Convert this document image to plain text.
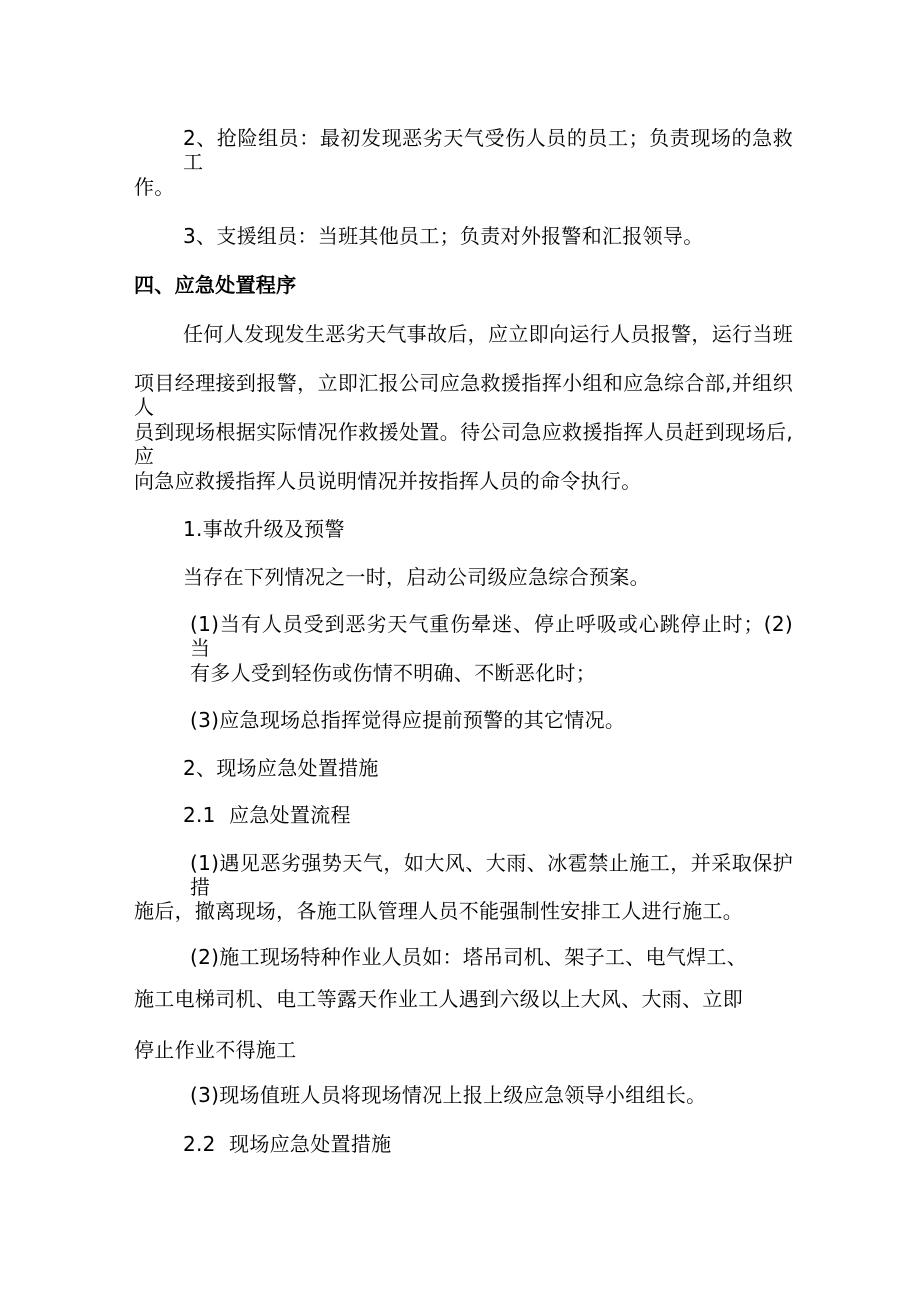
2、抢险组员：最初发现恶劣天气受伤人员的员工；负责现场的急救工
作。
3、支援组员：当班其他员工；负责对外报警和汇报领导。
四、应急处置程序
任何人发现发生恶劣天气事故后，应立即向运行人员报警，运行当班
项目经理接到报警，立即汇报公司应急救援指挥小组和应急综合部,并组织人
员到现场根据实际情况作救援处置。待公司急应救援指挥人员赶到现场后,应
向急应救援指挥人员说明情况并按指挥人员的命令执行。
1.事故升级及预警
当存在下列情况之一时，启动公司级应急综合预案。
(1)当有人员受到恶劣天气重伤晕迷、停止呼吸或心跳停止时；(2)当
有多人受到轻伤或伤情不明确、不断恶化时；
(3)应急现场总指挥觉得应提前预警的其它情况。
2、现场应急处置措施
2.1  应急处置流程
(1)遇见恶劣强势天气，如大风、大雨、冰雹禁止施工，并采取保护措
施后，撤离现场，各施工队管理人员不能强制性安排工人进行施工。
(2)施工现场特种作业人员如：塔吊司机、架子工、电气焊工、
施工电梯司机、电工等露天作业工人遇到六级以上大风、大雨、立即
停止作业不得施工
(3)现场值班人员将现场情况上报上级应急领导小组组长。
2.2  现场应急处置措施
